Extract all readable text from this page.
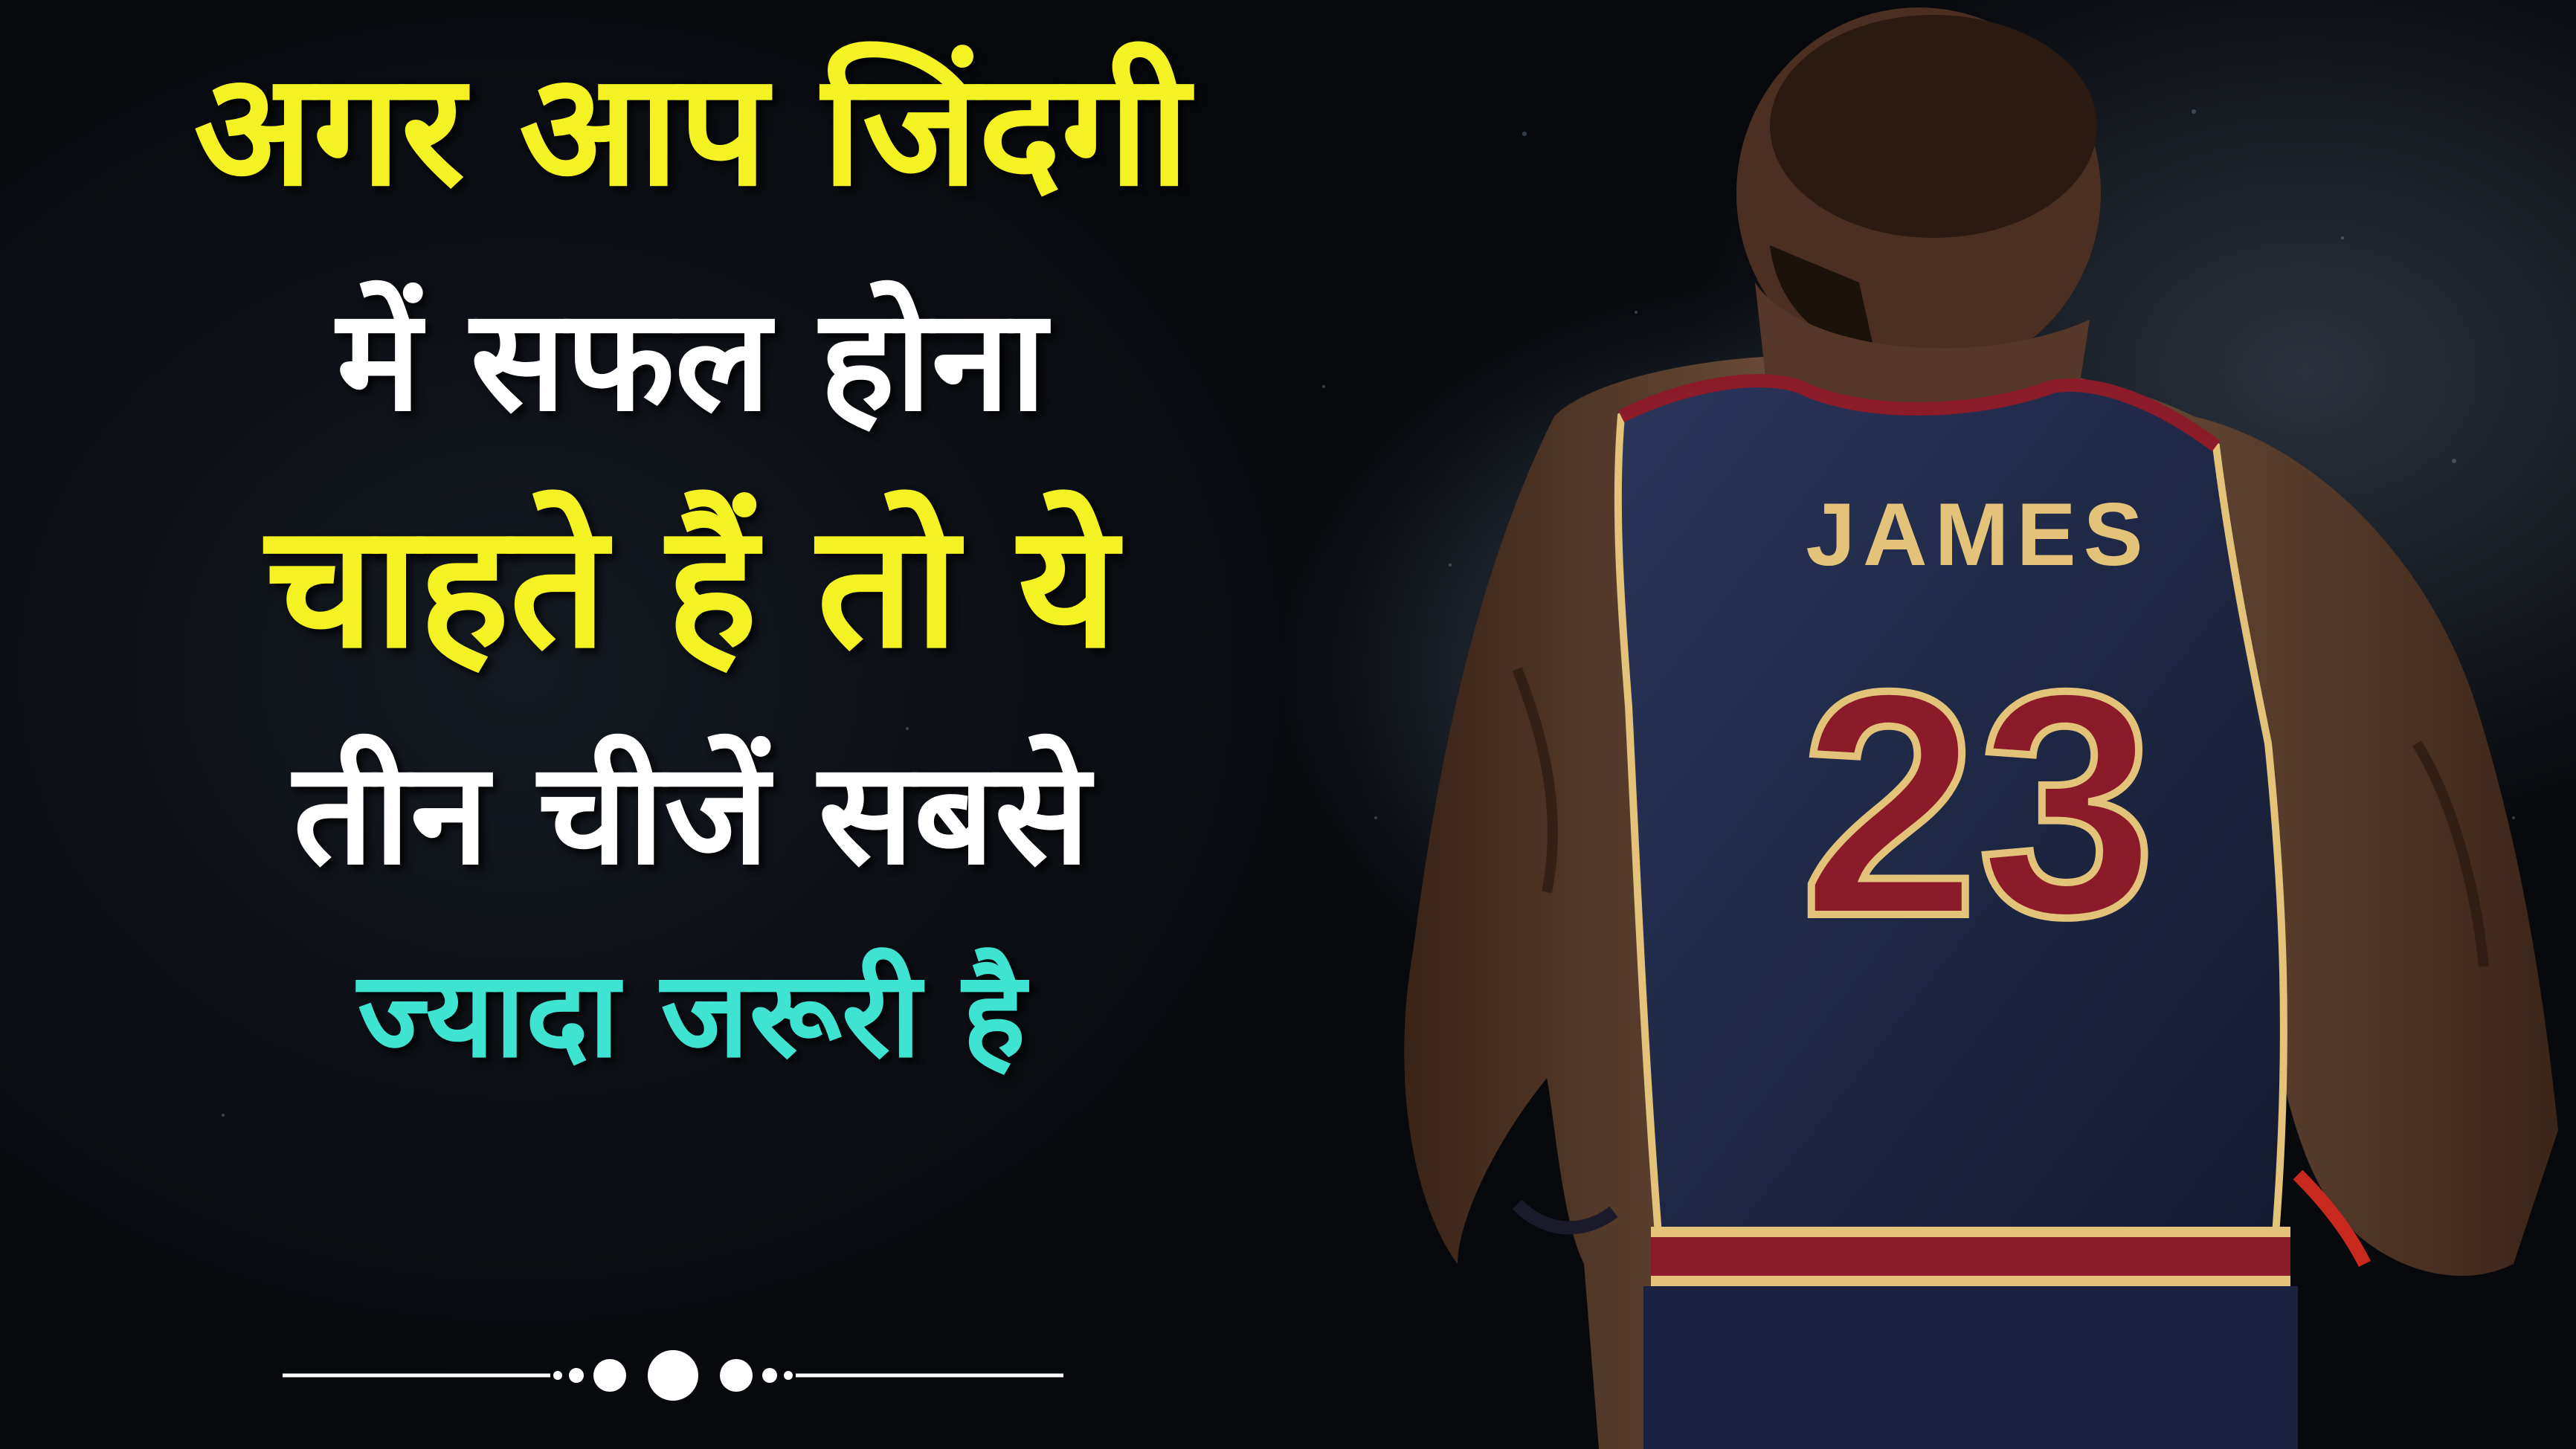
JAMES
23
अगर आप जिंदगी
में सफल होना
चाहते हैं तो ये
तीन चीजें सबसे
ज्यादा जरूरी है
